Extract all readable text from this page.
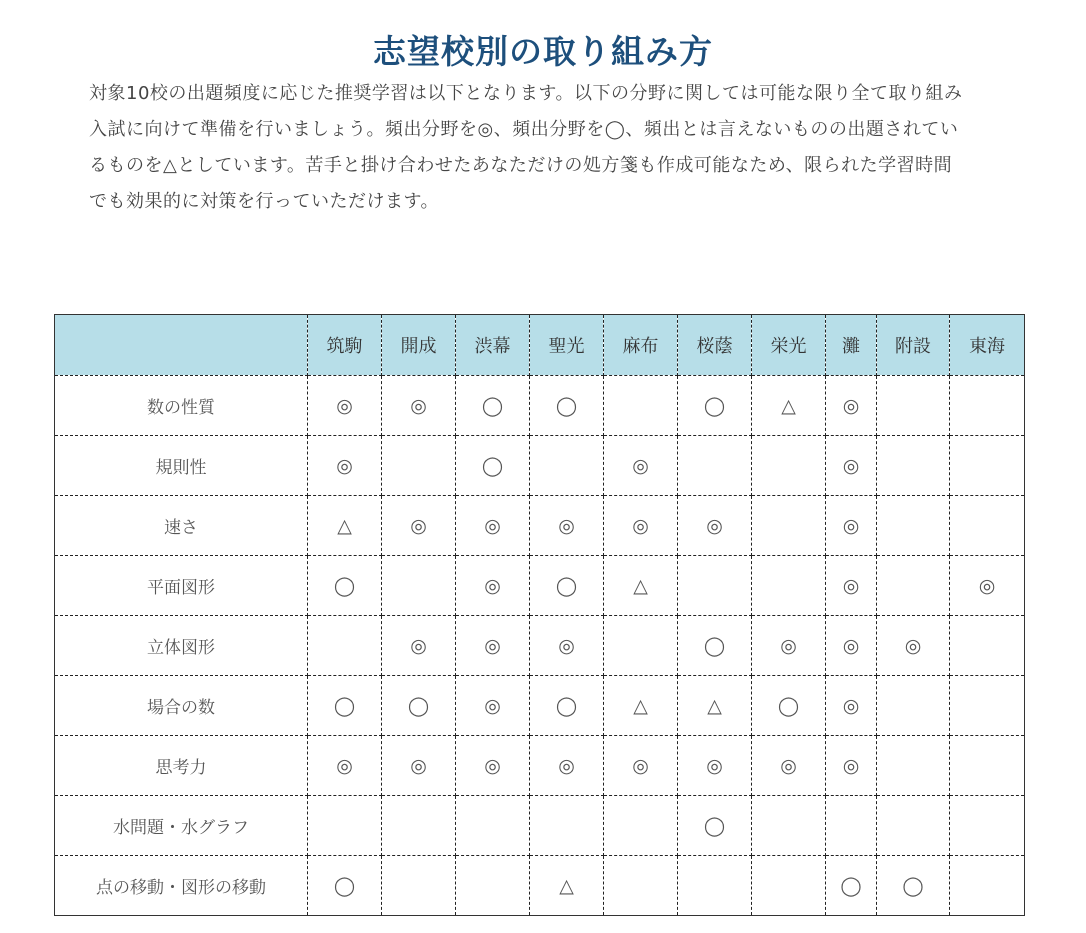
志望校別の取り組み方

対象10校の出題頻度に応じた推奨学習は以下となります。以下の分野に関しては可能な限り全て取り組み

入試に向けて準備を行いましょう。頻出分野を◎、頻出分野を◯、頻出とは言えないものの出題されてい

るものを△としています。苦手と掛け合わせたあなただけの処方箋も作成可能なため、限られた学習時間

でも効果的に対策を行っていただけます。

	筑駒	開成	渋幕	聖光	麻布	桜蔭	栄光	灘	附設	東海
数の性質	◎	◎	◯	◯		◯	△	◎		
規則性	◎		◯		◎			◎		
速さ	△	◎	◎	◎	◎	◎		◎		
平面図形	◯		◎	◯	△			◎		◎
立体図形		◎	◎	◎		◯	◎	◎	◎	
場合の数	◯	◯	◎	◯	△	△	◯	◎		
思考力	◎	◎	◎	◎	◎	◎	◎	◎		
水問題・水グラフ						◯				
点の移動・図形の移動	◯			△				◯	◯	
